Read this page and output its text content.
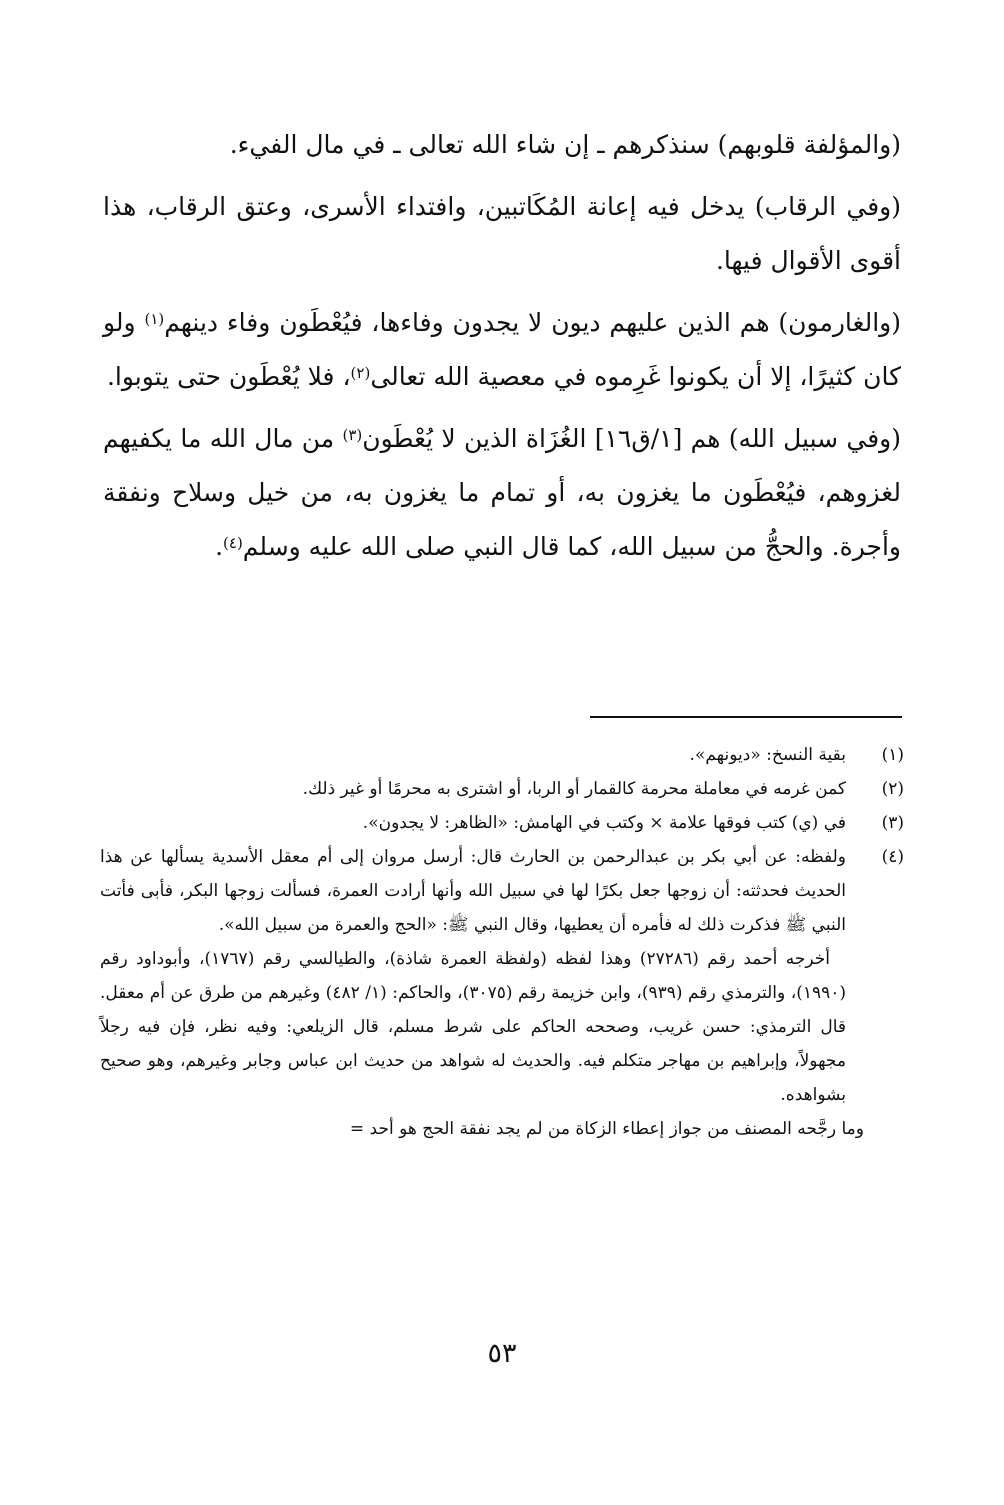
(والمؤلفة قلوبهم) سنذكرهم ـ إن شاء الله تعالى ـ في مال الفيء.

(وفي الرقاب) يدخل فيه إعانة المُكَاتبين، وافتداء الأسرى، وعتق الرقاب، هذا أقوى الأقوال فيها.

(والغارمون) هم الذين عليهم ديون لا يجدون وفاءها، فيُعْطَون وفاء دينهم$^{(١)}$ ولو كان كثيرًا، إلا أن يكونوا غَرِموه في معصية الله تعالى$^{(٢)}$، فلا يُعْطَون حتى يتوبوا.

(وفي سبيل الله) هم [١/ق١٦] الغُزَاة الذين لا يُعْطَون$^{(٣)}$ من مال الله ما يكفيهم لغزوهم، فيُعْطَون ما يغزون به، أو تمام ما يغزون به، من خيل وسلاح ونفقة وأجرة. والحجُّ من سبيل الله، كما قال النبي صلى الله عليه وسلم$^{(٤)}$.

(١)
بقية النسخ: «ديونهم».
(٢)
كمن غرمه في معاملة محرمة كالقمار أو الربا، أو اشترى به محرمًا أو غير ذلك.
(٣)
في (ي) كتب فوقها علامة × وكتب في الهامش: «الظاهر: لا يجدون».
(٤)
ولفظه: عن أبي بكر بن عبدالرحمن بن الحارث قال: أرسل مروان إلى أم معقل الأسدية يسألها عن هذا الحديث فحدثته: أن زوجها جعل بكرًا لها في سبيل الله وأنها أرادت العمرة، فسألت زوجها البكر، فأبى فأتت النبي ﷺ فذكرت ذلك له فأمره أن يعطيها، وقال النبي ﷺ: «الحج والعمرة من سبيل الله».

أخرجه أحمد رقم (٢٧٢٨٦) وهذا لفظه (ولفظة العمرة شاذة)، والطيالسي رقم (١٧٦٧)، وأبوداود رقم (١٩٩٠)، والترمذي رقم (٩٣٩)، وابن خزيمة رقم (٣٠٧٥)، والحاكم: (١/ ٤٨٢) وغيرهم من طرق عن أم معقل. قال الترمذي: حسن غريب، وصححه الحاكم على شرط مسلم، قال الزيلعي: وفيه نظر، فإن فيه رجلاً مجهولاً، وإبراهيم بن مهاجر متكلم فيه. والحديث له شواهد من حديث ابن عباس وجابر وغيرهم، وهو صحيح بشواهده.

وما رجَّحه المصنف من جواز إعطاء الزكاة من لم يجد نفقة الحج هو أحد =

٥٣
